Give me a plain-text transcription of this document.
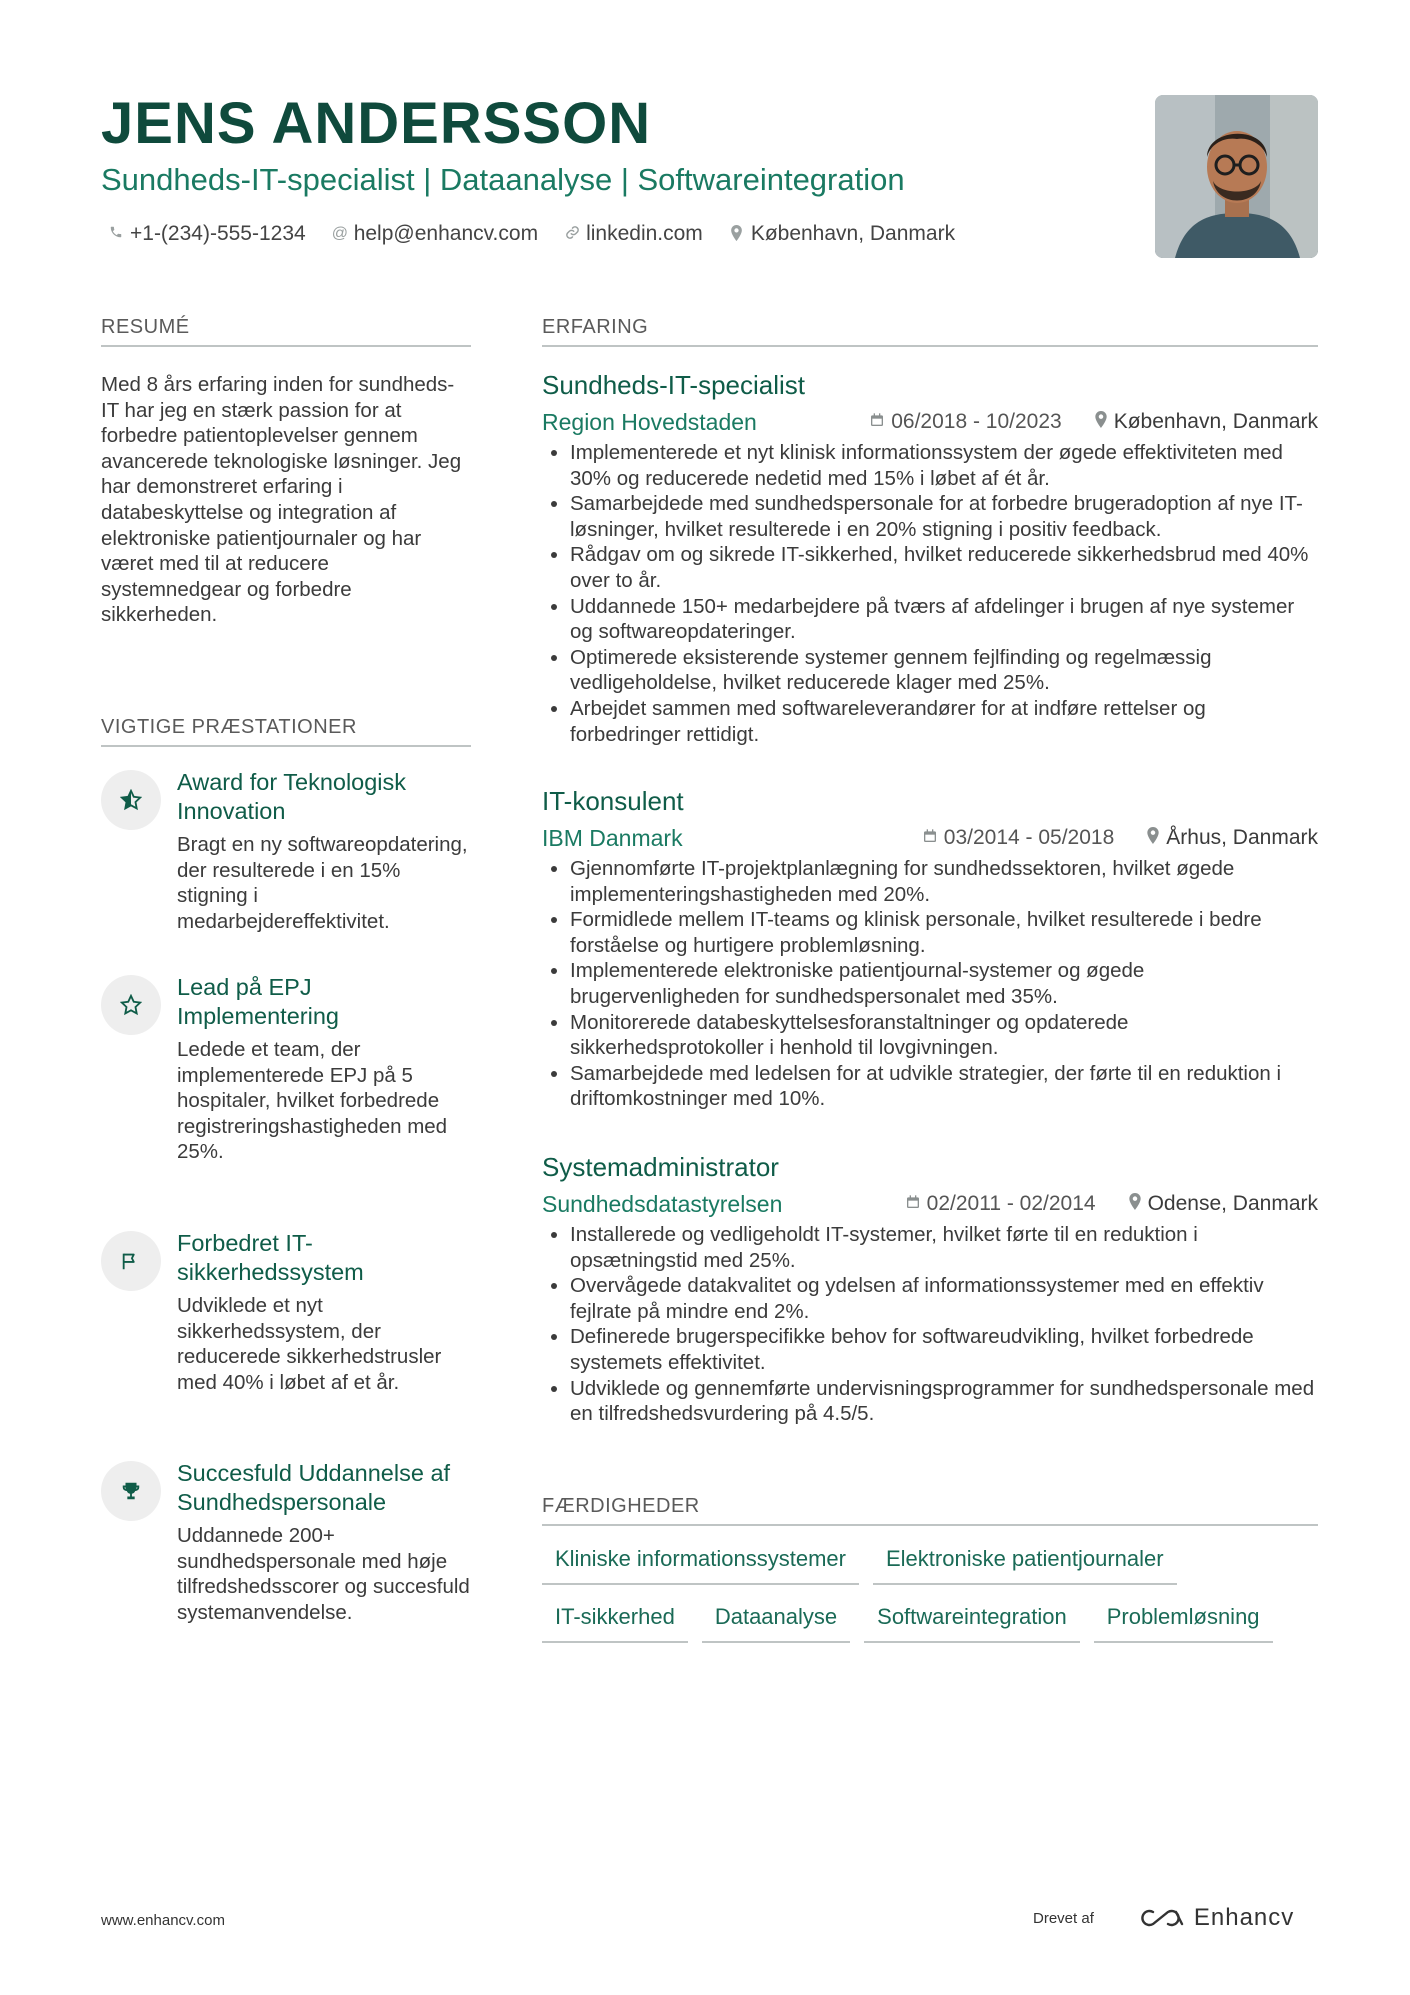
JENS ANDERSSON
Sundheds-IT-specialist | Dataanalyse | Softwareintegration
+1-(234)-555-1234 @ help@enhancv.com linkedin.com København, Danmark
RESUMÉ
Med 8 års erfaring inden for sundheds-IT har jeg en stærk passion for at forbedre patientoplevelser gennem avancerede teknologiske løsninger. Jeg har demonstreret erfaring i databeskyttelse og integration af elektroniske patientjournaler og har været med til at reducere systemnedgear og forbedre sikkerheden.
VIGTIGE PRÆSTATIONER
Award for Teknologisk Innovation
Bragt en ny softwareopdatering, der resulterede i en 15% stigning i medarbejdereffektivitet.
Lead på EPJ Implementering
Ledede et team, der implementerede EPJ på 5 hospitaler, hvilket forbedrede registreringshastigheden med 25%.
Forbedret IT-sikkerhedssystem
Udviklede et nyt sikkerhedssystem, der reducerede sikkerhedstrusler med 40% i løbet af et år.
Succesfuld Uddannelse af Sundhedspersonale
Uddannede 200+ sundhedspersonale med høje tilfredshedsscorer og succesfuld systemanvendelse.
ERFARING
Sundheds-IT-specialist
Region Hovedstaden	06/2018 - 10/2023 København, Danmark
Implementerede et nyt klinisk informationssystem der øgede effektiviteten med 30% og reducerede nedetid med 15% i løbet af ét år.
Samarbejdede med sundhedspersonale for at forbedre brugeradoption af nye IT-løsninger, hvilket resulterede i en 20% stigning i positiv feedback.
Rådgav om og sikrede IT-sikkerhed, hvilket reducerede sikkerhedsbrud med 40% over to år.
Uddannede 150+ medarbejdere på tværs af afdelinger i brugen af nye systemer og softwareopdateringer.
Optimerede eksisterende systemer gennem fejlfinding og regelmæssig vedligeholdelse, hvilket reducerede klager med 25%.
Arbejdet sammen med softwareleverandører for at indføre rettelser og forbedringer rettidigt.
IT-konsulent
IBM Danmark	03/2014 - 05/2018 Århus, Danmark
Gjennomførte IT-projektplanlægning for sundhedssektoren, hvilket øgede implementeringshastigheden med 20%.
Formidlede mellem IT-teams og klinisk personale, hvilket resulterede i bedre forståelse og hurtigere problemløsning.
Implementerede elektroniske patientjournal-systemer og øgede brugervenligheden for sundhedspersonalet med 35%.
Monitorerede databeskyttelsesforanstaltninger og opdaterede sikkerhedsprotokoller i henhold til lovgivningen.
Samarbejdede med ledelsen for at udvikle strategier, der førte til en reduktion i driftomkostninger med 10%.
Systemadministrator
Sundhedsdatastyrelsen	02/2011 - 02/2014 Odense, Danmark
Installerede og vedligeholdt IT-systemer, hvilket førte til en reduktion i opsætningstid med 25%.
Overvågede datakvalitet og ydelsen af informationssystemer med en effektiv fejlrate på mindre end 2%.
Definerede brugerspecifikke behov for softwareudvikling, hvilket forbedrede systemets effektivitet.
Udviklede og gennemførte undervisningsprogrammer for sundhedspersonale med en tilfredshedsvurdering på 4.5/5.
FÆRDIGHEDER
Kliniske informationssystemer	Elektroniske patientjournaler
IT-sikkerhed	Dataanalyse	Softwareintegration	Problemløsning
www.enhancv.com	Drevet af	Enhancv
